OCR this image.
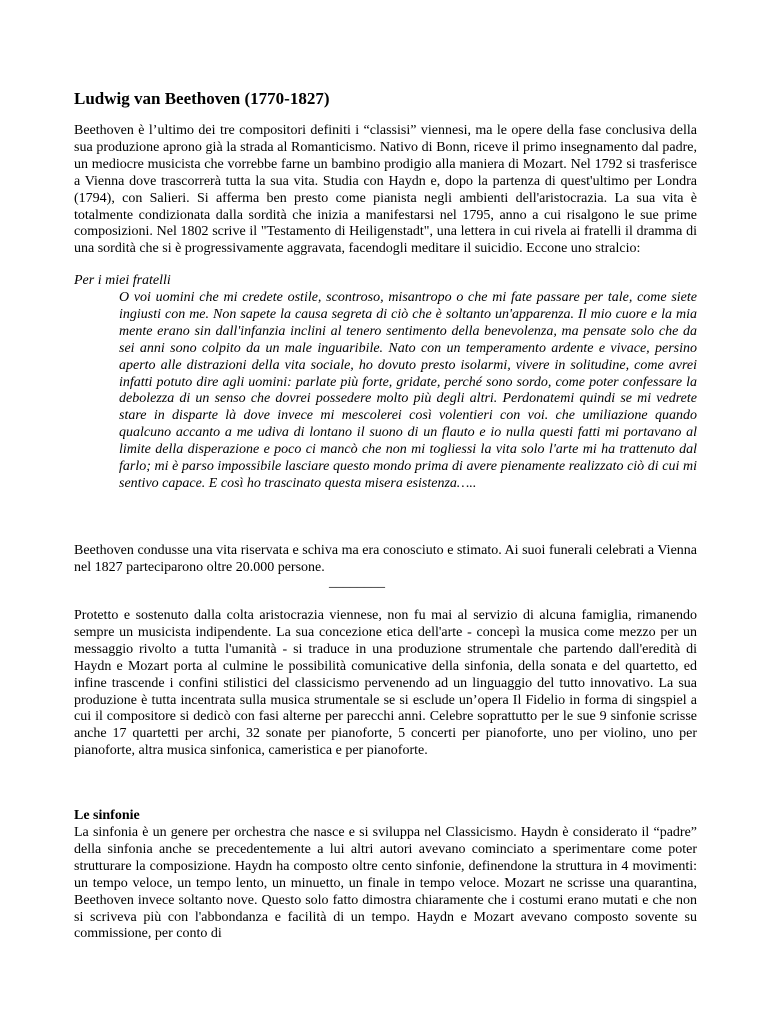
Ludwig van Beethoven (1770-1827)

Beethoven è l’ultimo dei tre compositori definiti i “classisi” viennesi, ma le opere della fase conclusiva della sua produzione aprono già la strada al Romanticismo. Nativo di Bonn, riceve il primo insegnamento dal padre, un mediocre musicista che vorrebbe farne un bambino prodigio alla maniera di Mozart. Nel 1792 si trasferisce a Vienna dove trascorrerà tutta la sua vita. Studia con Haydn e, dopo la partenza di quest'ultimo per Londra (1794), con Salieri. Si afferma ben presto come pianista negli ambienti dell'aristocrazia. La sua vita è totalmente condizionata dalla sordità che inizia a manifestarsi nel 1795, anno a cui risalgono le sue prime composizioni. Nel 1802 scrive il "Testamento di Heiligenstadt", una lettera in cui rivela ai fratelli il dramma di una sordità che si è progressivamente aggravata, facendogli meditare il suicidio. Eccone uno stralcio:

Per i miei fratelli

O voi uomini che mi credete ostile, scontroso, misantropo o che mi fate passare per tale, come siete ingiusti con me. Non sapete la causa segreta di ciò che è soltanto un'apparenza. Il mio cuore e la mia mente erano sin dall'infanzia inclini al tenero sentimento della benevolenza, ma pensate solo che da sei anni sono colpito da un male inguaribile. Nato con un temperamento ardente e vivace, persino aperto alle distrazioni della vita sociale, ho dovuto presto isolarmi, vivere in solitudine, come avrei infatti potuto dire agli uomini: parlate più forte, gridate, perché sono sordo, come poter confessare la debolezza di un senso che dovrei possedere molto più degli altri. Perdonatemi quindi se mi vedrete stare in disparte là dove invece mi mescolerei così volentieri con voi. che umiliazione quando qualcuno accanto a me udiva di lontano il suono di un flauto e io nulla questi fatti mi portavano al limite della disperazione e poco ci mancò che non mi togliessi la vita solo l'arte mi ha trattenuto dal farlo; mi è parso impossibile lasciare questo mondo prima di avere pienamente realizzato ciò di cui mi sentivo capace. E così ho trascinato questa misera esistenza…..

Beethoven condusse una vita riservata e schiva ma era conosciuto e stimato. Ai suoi funerali celebrati a Vienna nel 1827 parteciparono oltre 20.000 persone.

________

Protetto e sostenuto dalla colta aristocrazia viennese, non fu mai al servizio di alcuna famiglia, rimanendo sempre un musicista indipendente. La sua concezione etica dell'arte - concepì la musica come mezzo per un messaggio rivolto a tutta l'umanità - si traduce in una produzione strumentale che partendo dall'eredità di Haydn e Mozart porta al culmine le possibilità comunicative della sinfonia, della sonata e del quartetto, ed infine trascende i confini stilistici del classicismo pervenendo ad un linguaggio del tutto innovativo. La sua produzione è tutta incentrata sulla musica strumentale se si esclude un’opera Il Fidelio in forma di singspiel a cui il compositore si dedicò con fasi alterne per parecchi anni. Celebre soprattutto per le sue 9 sinfonie scrisse anche 17 quartetti per archi, 32 sonate per pianoforte, 5 concerti per pianoforte, uno per violino, uno per pianoforte, altra musica sinfonica, cameristica e per pianoforte.

Le sinfonie

La sinfonia è un genere per orchestra che nasce e si sviluppa nel Classicismo. Haydn è considerato il “padre” della sinfonia anche se precedentemente a lui altri autori avevano cominciato a sperimentare come poter strutturare la composizione. Haydn ha composto oltre cento sinfonie, definendone la struttura in 4 movimenti: un tempo veloce, un tempo lento, un minuetto, un finale in tempo veloce. Mozart ne scrisse una quarantina, Beethoven invece soltanto nove. Questo solo fatto dimostra chiaramente che i costumi erano mutati e che non si scriveva più con l'abbondanza e facilità di un tempo. Haydn e Mozart avevano composto sovente su commissione, per conto di
